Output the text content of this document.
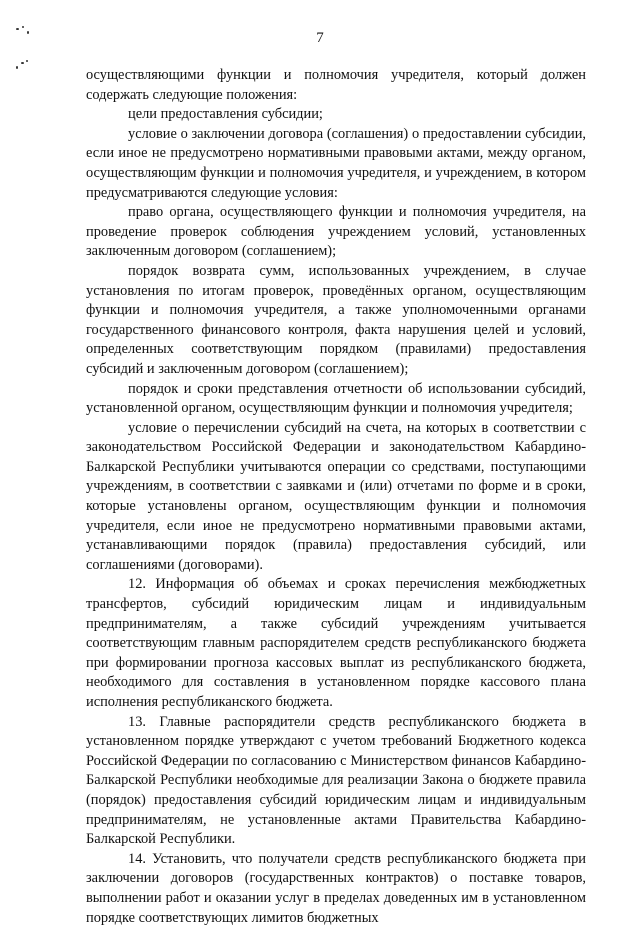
7

осуществляющими функции и полномочия учредителя, который должен содержать следующие положения:

цели предоставления субсидии;

условие о заключении договора (соглашения) о предоставлении субсидии, если иное не предусмотрено нормативными правовыми актами, между органом, осуществляющим функции и полномочия учредителя, и учреждением, в котором предусматриваются следующие условия:

право органа, осуществляющего функции и полномочия учредителя, на проведение проверок соблюдения учреждением условий, установленных заключенным договором (соглашением);

порядок возврата сумм, использованных учреждением, в случае установления по итогам проверок, проведённых органом, осуществляющим функции и полномочия учредителя, а также уполномоченными органами государственного финансового контроля, факта нарушения целей и условий, определенных соответствующим порядком (правилами) предоставления субсидий и заключенным договором (соглашением);

порядок и сроки представления отчетности об использовании субсидий, установленной органом, осуществляющим функции и полномочия учредителя;

условие о перечислении субсидий на счета, на которых в соответствии с законодательством Российской Федерации и законодательством Кабардино-Балкарской Республики учитываются операции со средствами, поступающими учреждениям, в соответствии с заявками и (или) отчетами по форме и в сроки, которые установлены органом, осуществляющим функции и полномочия учредителя, если иное не предусмотрено нормативными правовыми актами, устанавливающими порядок (правила) предоставления субсидий, или соглашениями (договорами).

12. Информация об объемах и сроках перечисления межбюджетных трансфертов, субсидий юридическим лицам и индивидуальным предпринимателям, а также субсидий учреждениям учитывается соответствующим главным распорядителем средств республиканского бюджета при формировании прогноза кассовых выплат из республиканского бюджета, необходимого для составления в установленном порядке кассового плана исполнения республиканского бюджета.

13. Главные распорядители средств республиканского бюджета в установленном порядке утверждают с учетом требований Бюджетного кодекса Российской Федерации по согласованию с Министерством финансов Кабардино-Балкарской Республики необходимые для реализации Закона о бюджете правила (порядок) предоставления субсидий юридическим лицам и индивидуальным предпринимателям, не установленные актами Правительства Кабардино-Балкарской Республики.

14. Установить, что получатели средств республиканского бюджета при заключении договоров (государственных контрактов) о поставке товаров, выполнении работ и оказании услуг в пределах доведенных им в установленном порядке соответствующих лимитов бюджетных
